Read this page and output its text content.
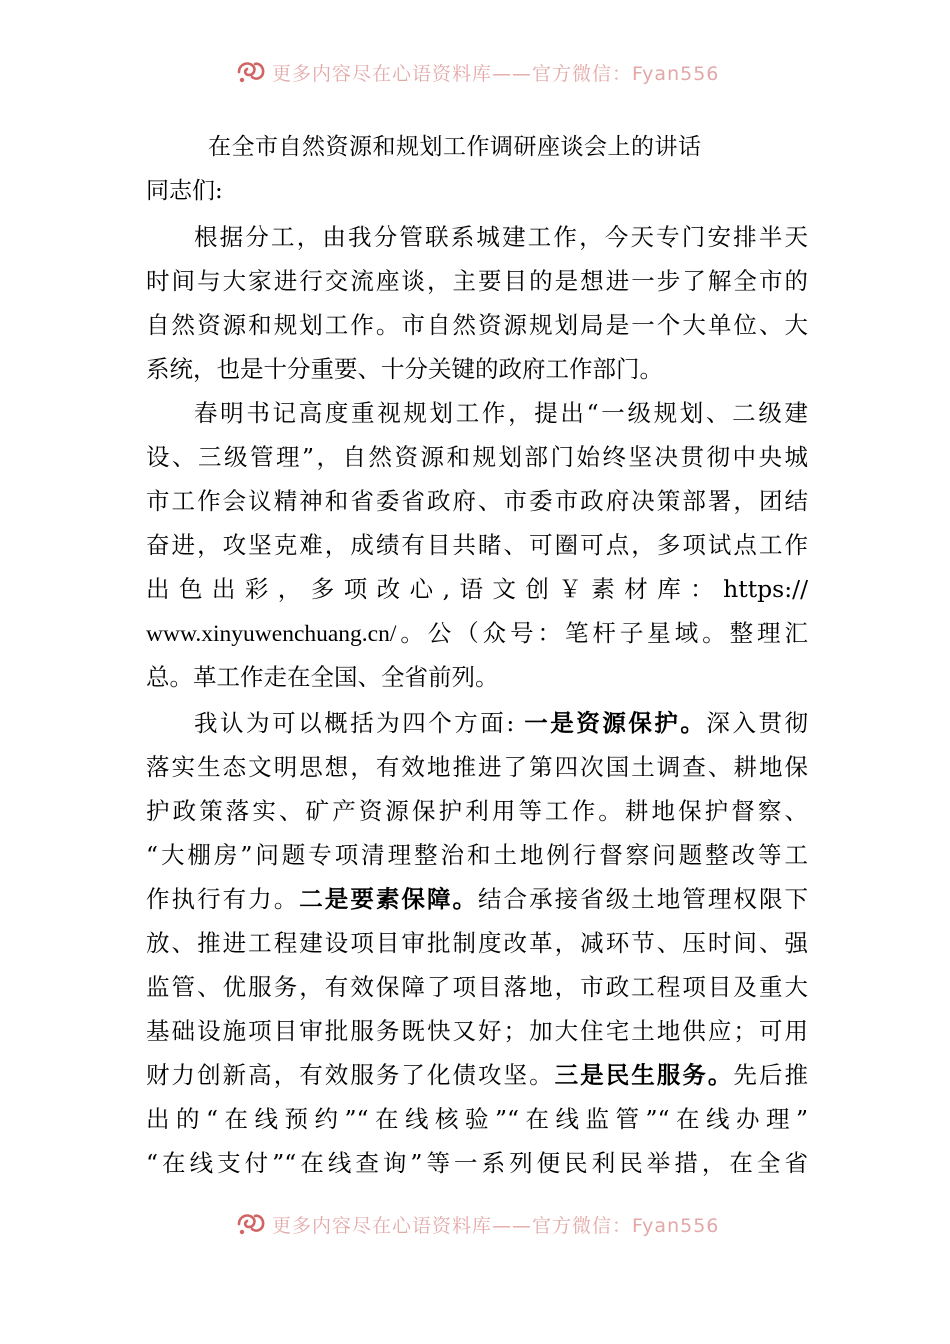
更多内容尽在心语资料库——官方微信：Fyan556
在全市自然资源和规划工作调研座谈会上的讲话
同志们:
根据分工，由我分管联系城建工作，今天专门安排半天
时间与大家进行交流座谈，主要目的是想进一步了解全市的
自然资源和规划工作。市自然资源规划局是一个大单位、大
系统，也是十分重要、十分关键的政府工作部门。
春明书记高度重视规划工作，提出“一级规划、二级建
设、三级管理”，自然资源和规划部门始终坚决贯彻中央城
市工作会议精神和省委省政府、市委市政府决策部署，团结
奋进，攻坚克难，成绩有目共睹、可圈可点，多项试点工作
出色出彩，多项改心,语文创￥素材库：https://
www.xinyuwenchuang.cn/。公（众号：笔杆子星域。整理汇
总。革工作走在全国、全省前列。
我认为可以概括为四个方面: 一是资源保护。深入贯彻
落实生态文明思想，有效地推进了第四次国土调查、耕地保
护政策落实、矿产资源保护利用等工作。耕地保护督察、
“大棚房”问题专项清理整治和土地例行督察问题整改等工
作执行有力。二是要素保障。结合承接省级土地管理权限下
放、推进工程建设项目审批制度改革，减环节、压时间、强
监管、优服务，有效保障了项目落地，市政工程项目及重大
基础设施项目审批服务既快又好；加大住宅土地供应；可用
财力创新高，有效服务了化债攻坚。三是民生服务。先后推
出的“在线预约”“在线核验”“在线监管”“在线办理”
“在线支付”“在线查询”等一系列便民利民举措，在全省
更多内容尽在心语资料库——官方微信：Fyan556
